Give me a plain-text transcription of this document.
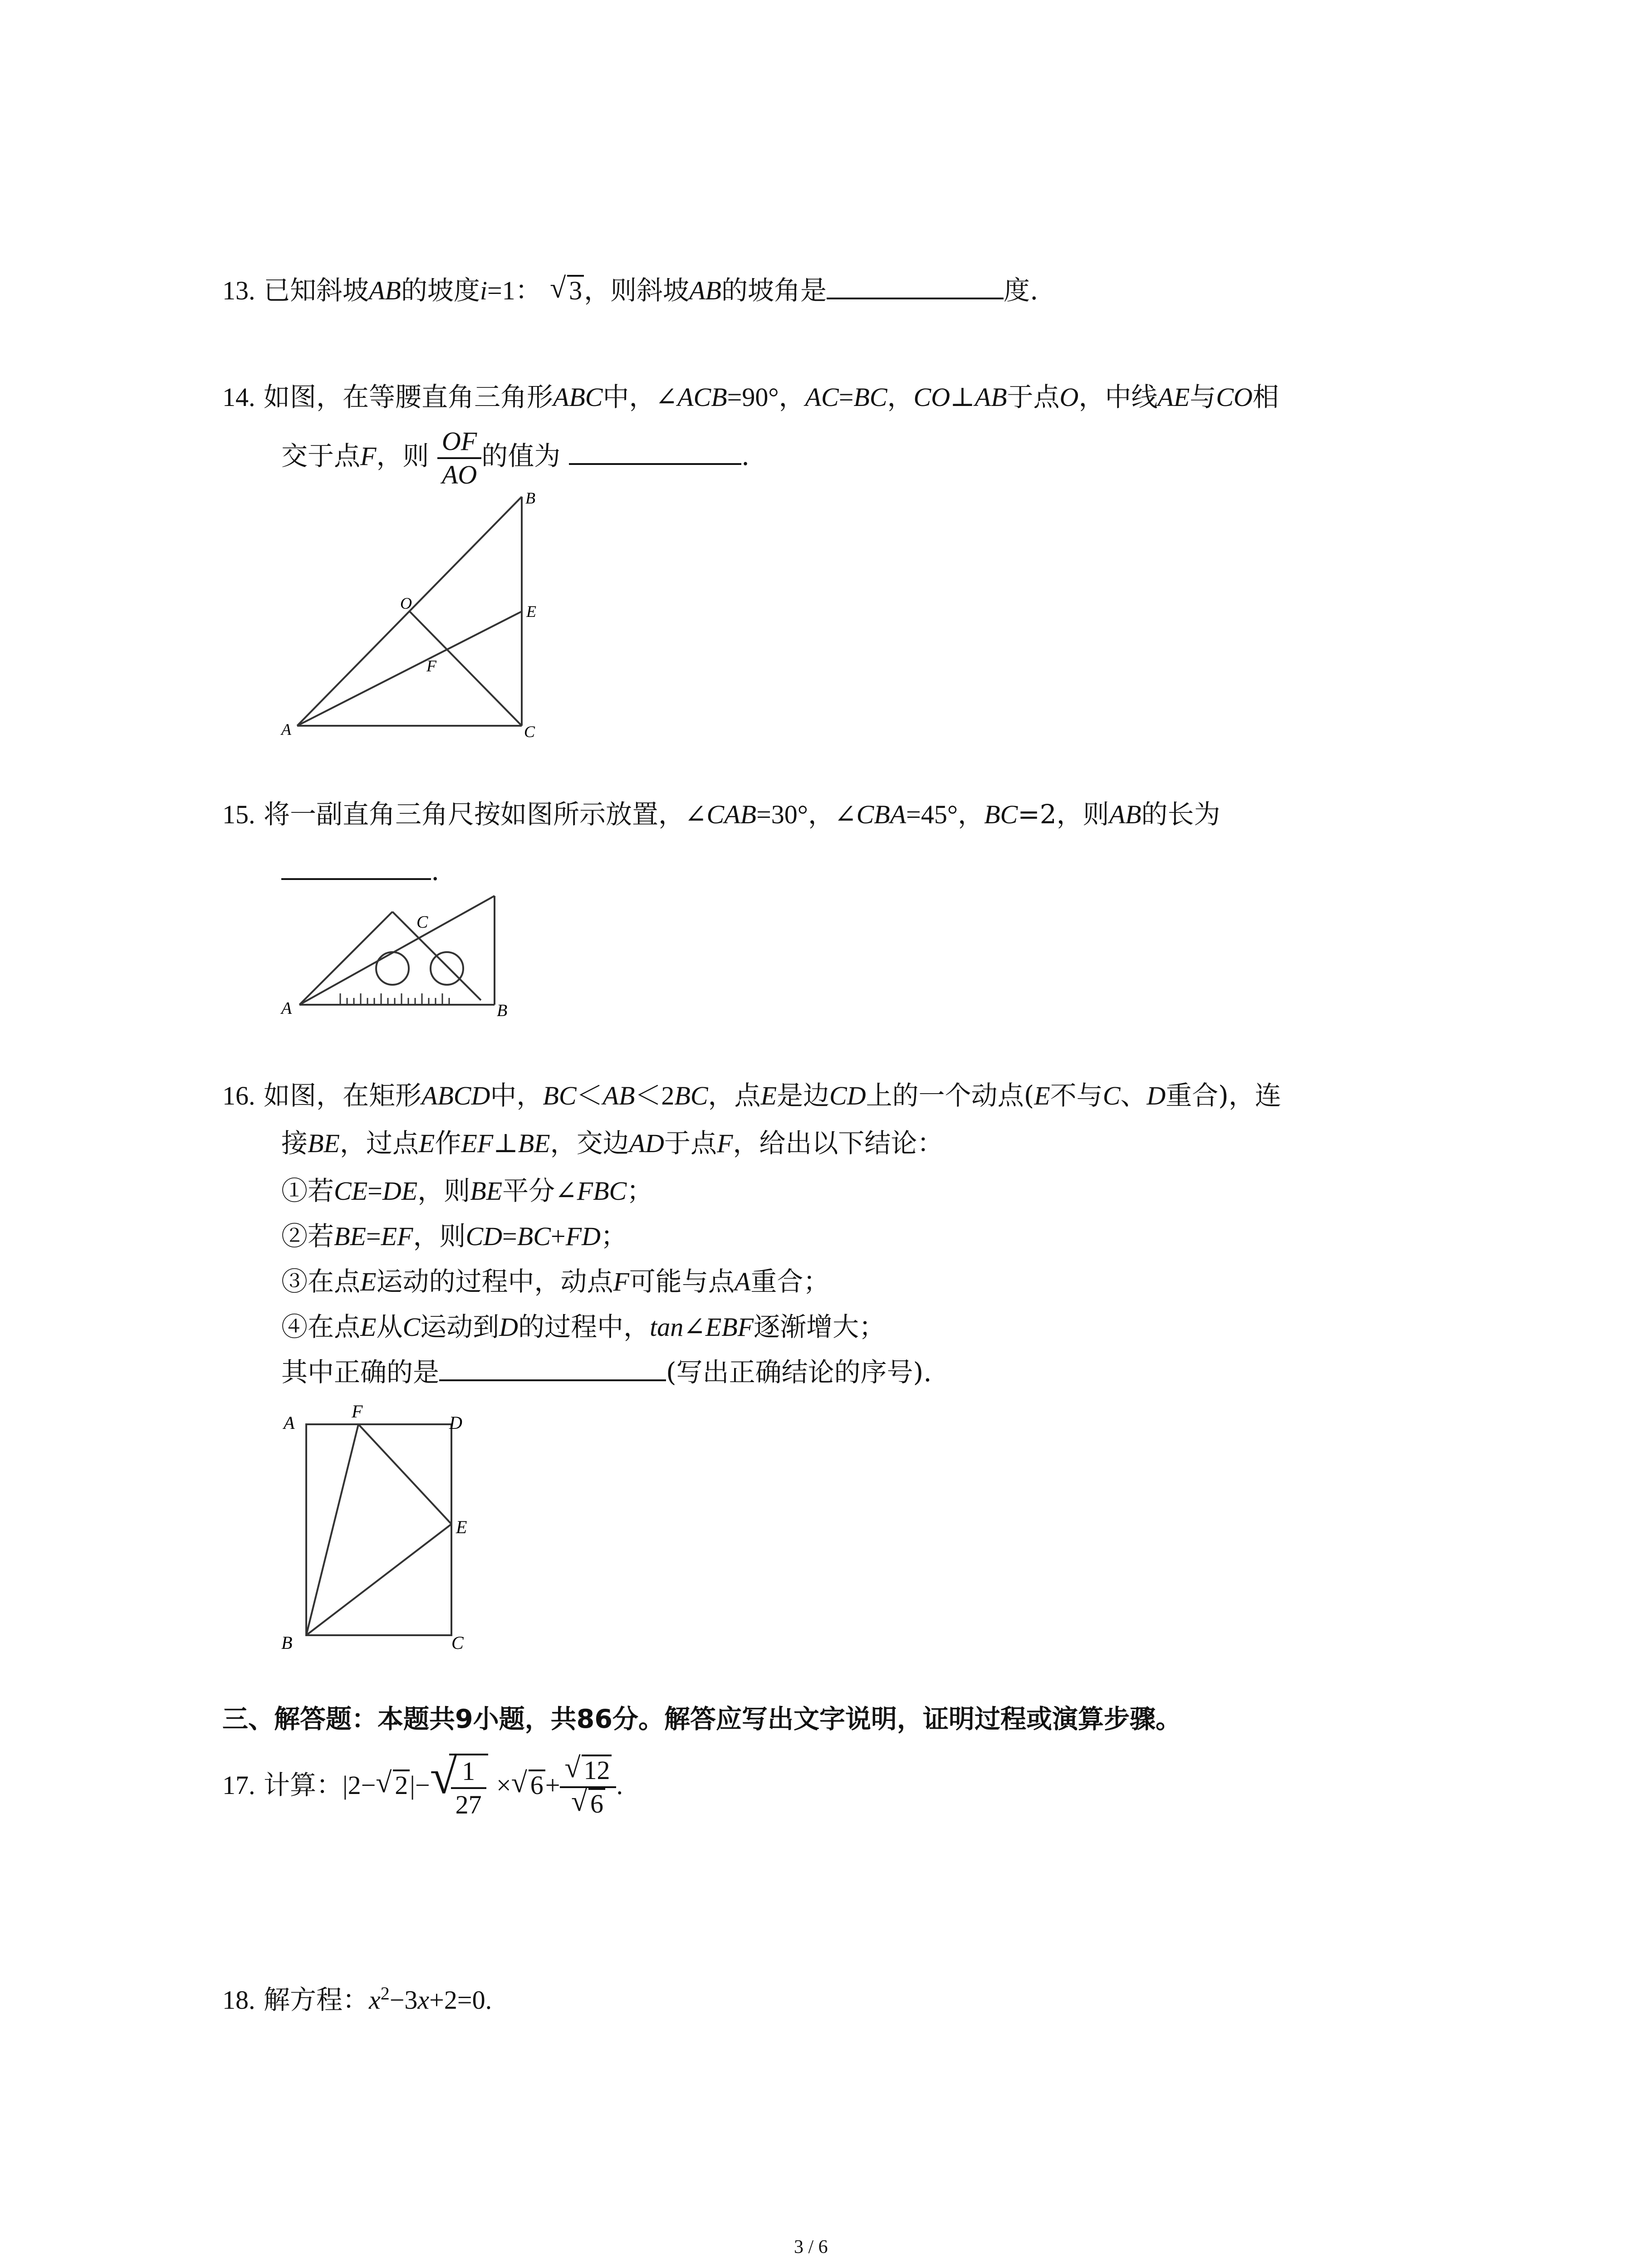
13. 已知斜坡AB的坡度i=1： √ 3，则斜坡AB的坡角是	度.
14. 如图，在等腰直角三角形ABC中，∠ACB=90°，AC=BC，CO⊥AB于点O，中线AE与CO相
交于点F，则 $\frac{OF}{AO}$ 的值为	.
B
O	E
F
A	C
15. 将一副直角三角尺按如图所示放置，∠CAB=30°，∠CBA=45°，BC=2，则AB的长为
.
A	B
C
16. 如图，在矩形ABCD中，BC＜AB＜2BC，点E是边CD上的一个动点(E不与C、D重合)，连
接BE，过点E作EF⊥BE，交边AD于点F，给出以下结论：
①若CE=DE，则BE平分∠FBC；
②若BE=EF，则CD=BC+FD；
③在点E运动的过程中，动点F可能与点A重合；
④在点E从C运动到D的过程中，tan∠EBF逐渐增大；
其中正确的是	(写出正确结论的序号).
A
F
D
E
B	C
三、解答题：本题共9小题，共86分。解答应写出文字说明，证明过程或演算步骤。
17. 计算：|2− √ 2|− √
$\frac{1}{27}$ × √ $6+ \frac{√ 12}{√ 6}$ .
18. 解方程：$x^2-3x+2=0$.
3 / 6
